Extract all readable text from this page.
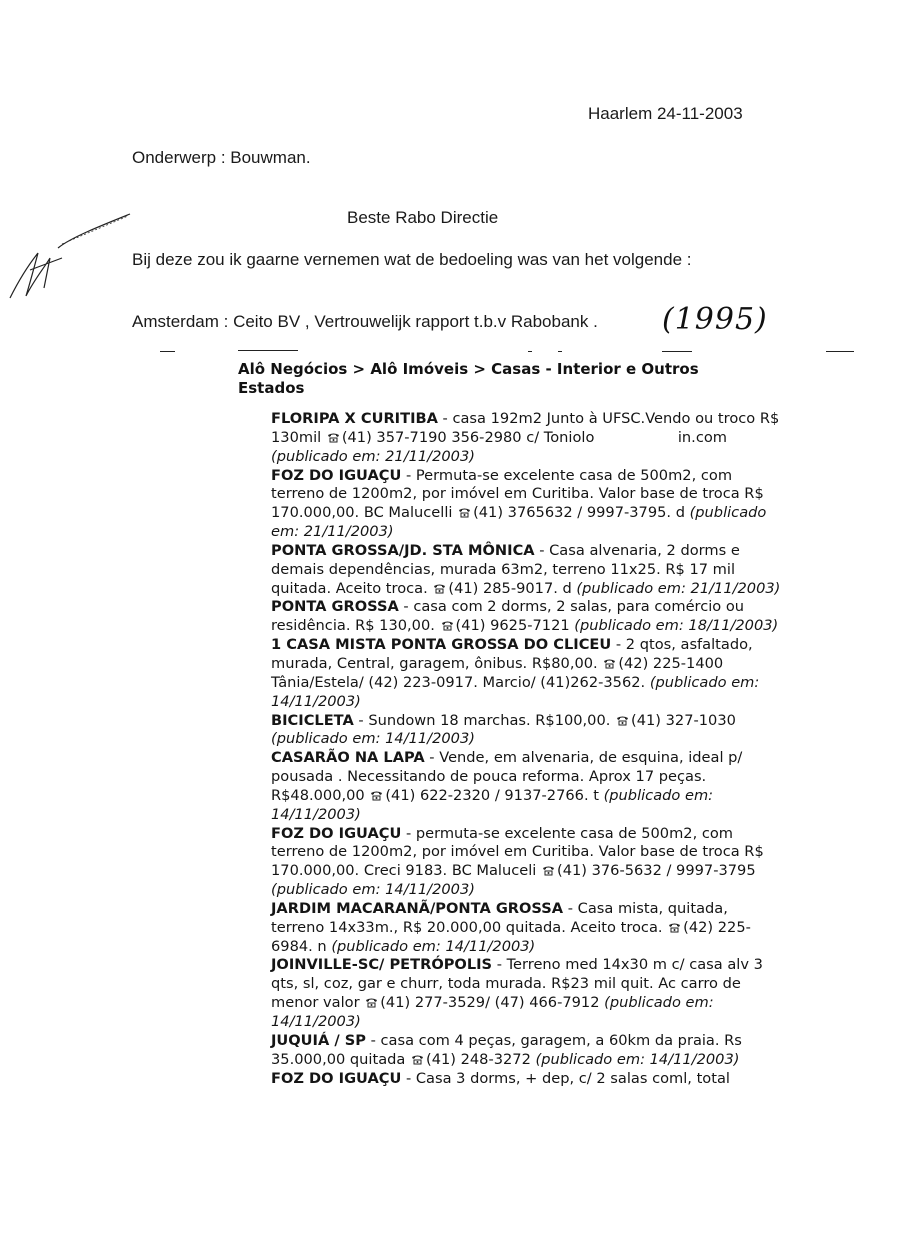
Haarlem 24-11-2003
Onderwerp : Bouwman.
Beste Rabo Directie
Bij deze zou ik gaarne vernemen wat de bedoeling was van het volgende :
Amsterdam : Ceito BV , Vertrouwelijk rapport t.b.v Rabobank . (1995)
Alô Negócios > Alô Imóveis > Casas - Interior e Outros Estados

FLORIPA X CURITIBA - casa 192m2 Junto à UFSC.Vendo ou troco R$ 130mil (41) 357-7190 356-2980 c/ Toniolo                  in.com (publicado em: 21/11/2003)

FOZ DO IGUAÇU - Permuta-se excelente casa de 500m2, com terreno de 1200m2, por imóvel em Curitiba. Valor base de troca R$ 170.000,00. BC Malucelli (41) 3765632 / 9997-3795. d (publicado em: 21/11/2003)

PONTA GROSSA/JD. STA MÔNICA - Casa alvenaria, 2 dorms e demais dependências, murada 63m2, terreno 11x25. R$ 17 mil quitada. Aceito troca. (41) 285-9017. d (publicado em: 21/11/2003)

PONTA GROSSA - casa com 2 dorms, 2 salas, para comércio ou residência. R$ 130,00. (41) 9625-7121 (publicado em: 18/11/2003)

1 CASA MISTA PONTA GROSSA DO CLICEU - 2 qtos, asfaltado, murada, Central, garagem, ônibus. R$80,00. (42) 225-1400 Tânia/Estela/ (42) 223-0917. Marcio/ (41)262-3562. (publicado em: 14/11/2003)

BICICLETA - Sundown 18 marchas. R$100,00. (41) 327-1030 (publicado em: 14/11/2003)

CASARÃO NA LAPA - Vende, em alvenaria, de esquina, ideal p/ pousada . Necessitando de pouca reforma. Aprox 17 peças. R$48.000,00 (41) 622-2320 / 9137-2766. t (publicado em: 14/11/2003)

FOZ DO IGUAÇU - permuta-se excelente casa de 500m2, com terreno de 1200m2, por imóvel em Curitiba. Valor base de troca R$ 170.000,00. Creci 9183. BC Maluceli (41) 376-5632 / 9997-3795 (publicado em: 14/11/2003)

JARDIM MACARANÃ/PONTA GROSSA - Casa mista, quitada, terreno 14x33m., R$ 20.000,00 quitada. Aceito troca. (42) 225-6984. n (publicado em: 14/11/2003)

JOINVILLE-SC/ PETRÓPOLIS - Terreno med 14x30 m c/ casa alv 3 qts, sl, coz, gar e churr, toda murada. R$23 mil quit. Ac carro de menor valor (41) 277-3529/ (47) 466-7912 (publicado em: 14/11/2003)

JUQUIÁ / SP - casa com 4 peças, garagem, a 60km da praia. Rs 35.000,00 quitada (41) 248-3272 (publicado em: 14/11/2003)

FOZ DO IGUAÇU - Casa 3 dorms, + dep, c/ 2 salas coml, total
